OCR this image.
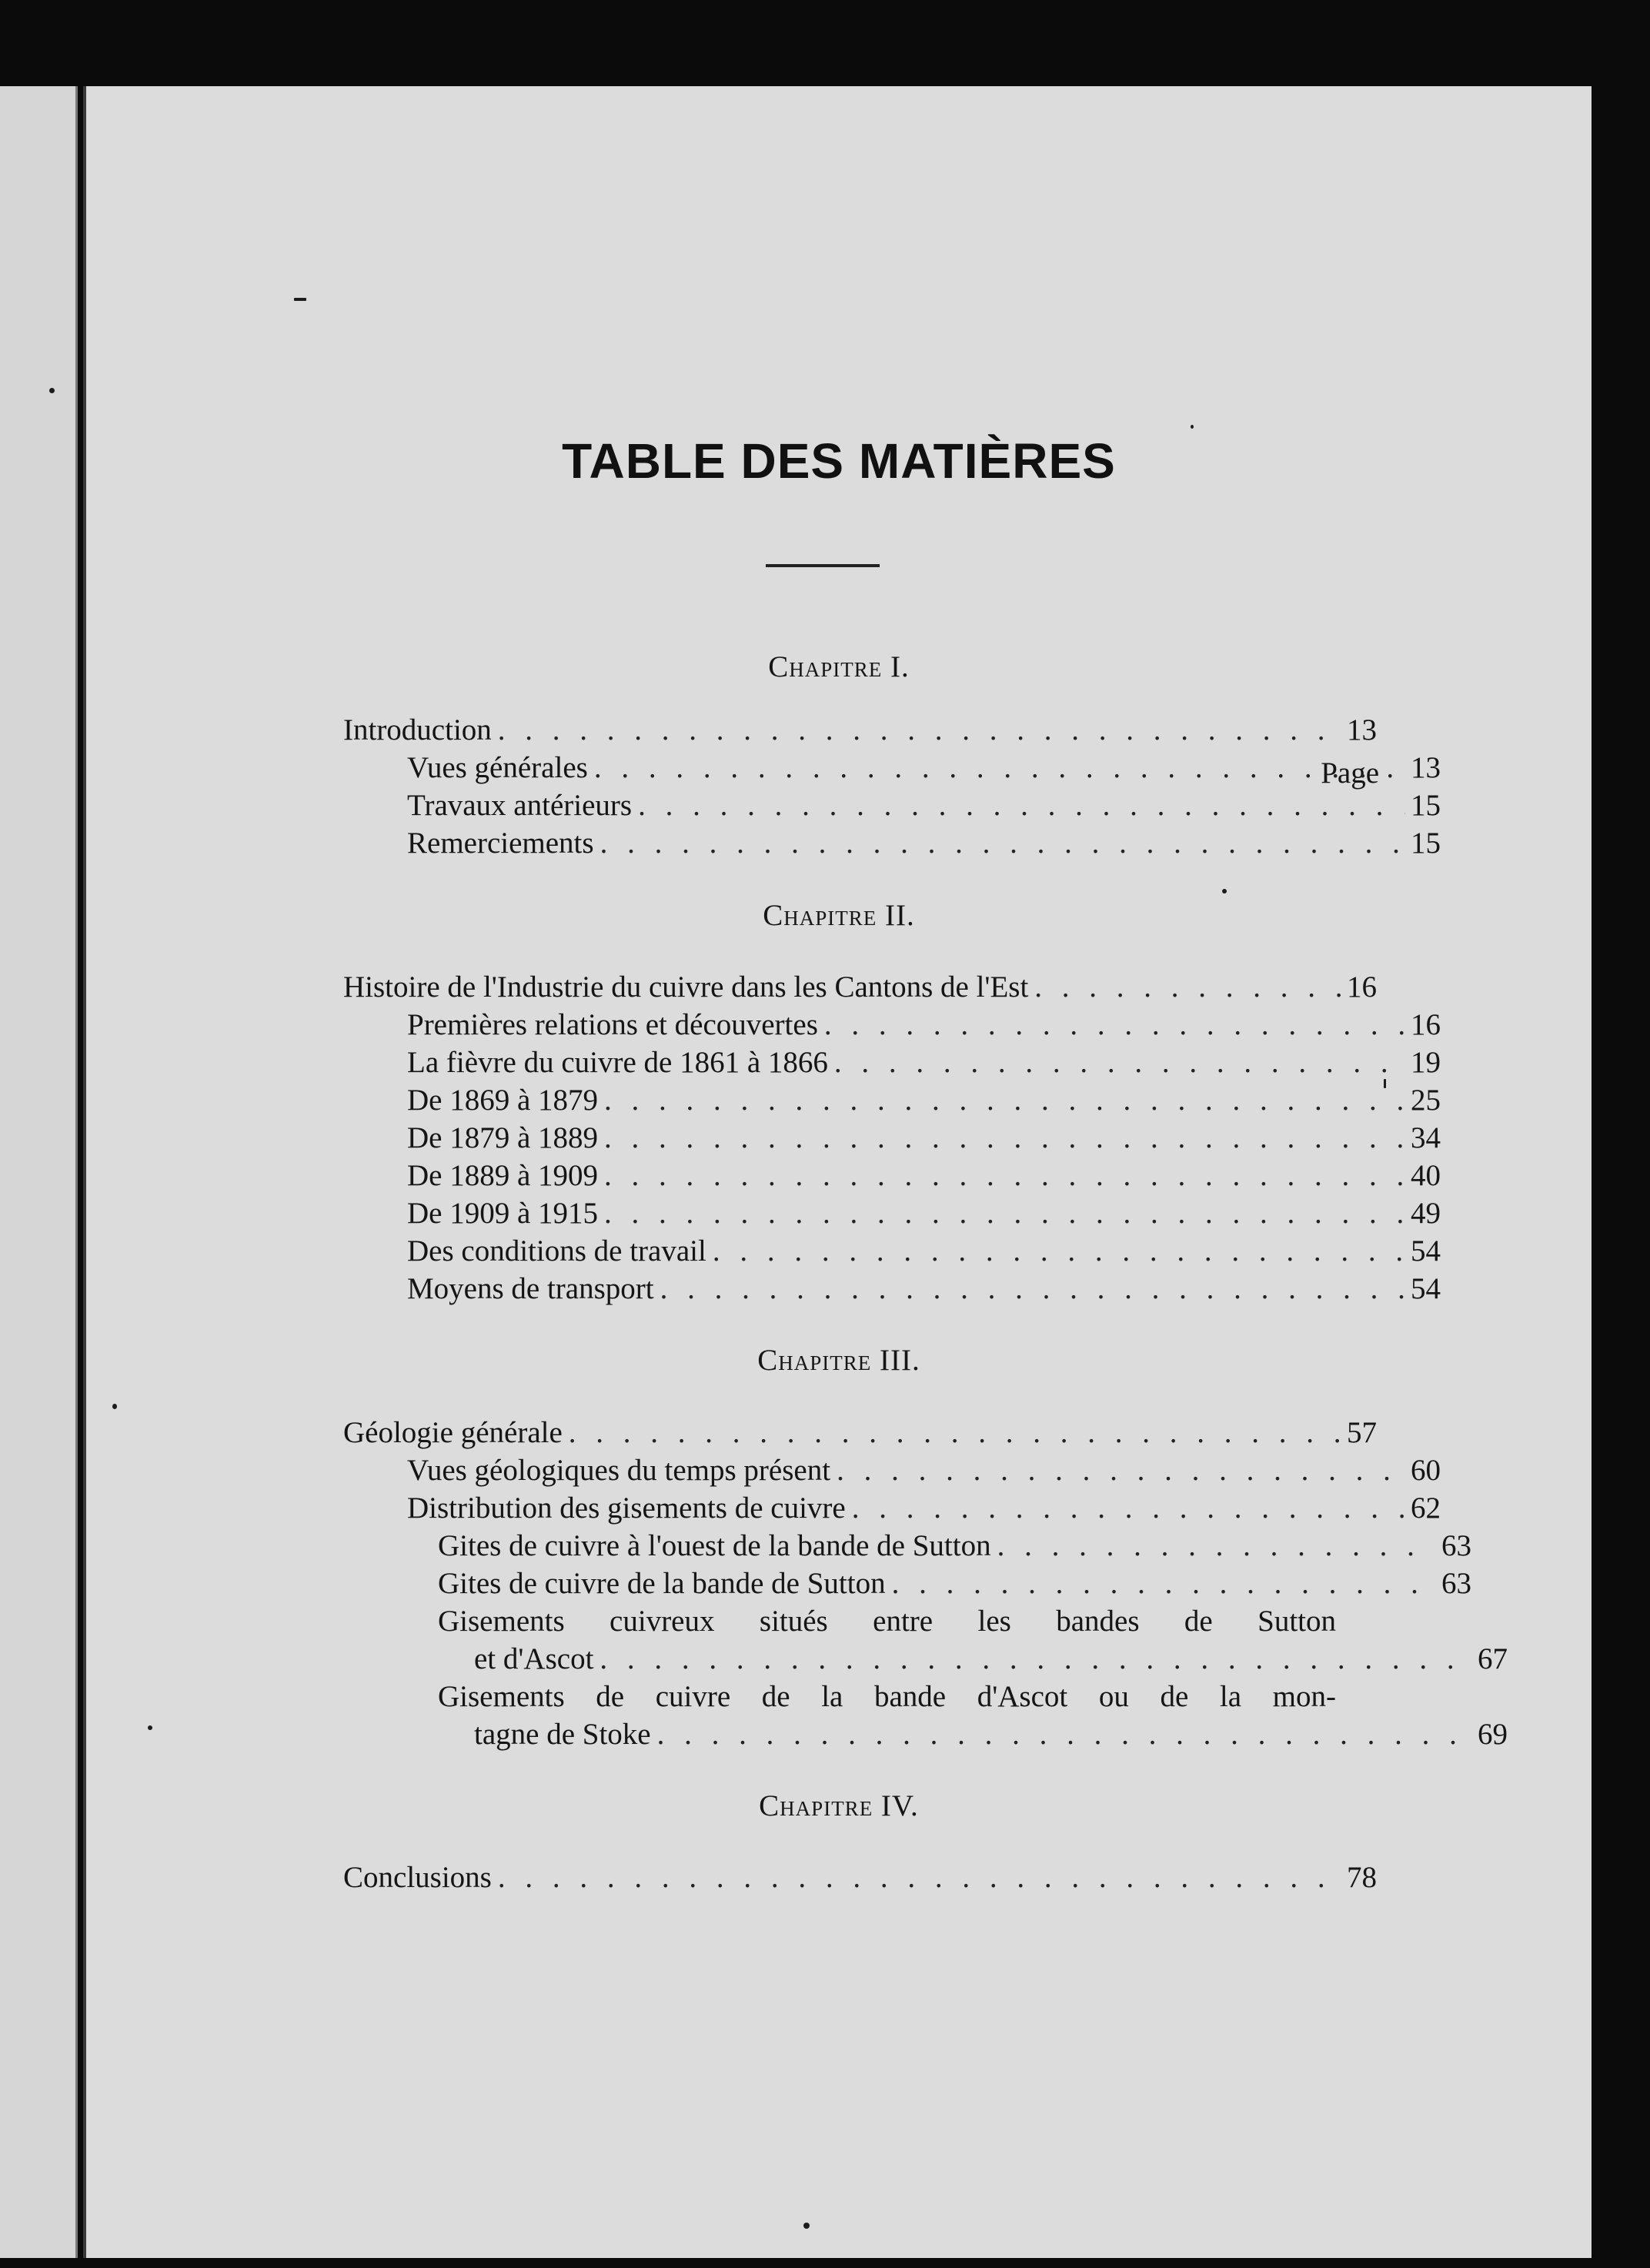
TABLE DES MATIÈRES
Chapitre I.
Page
Introduction . . .	13
Vues générales . . .	13
Travaux antérieurs . . .	15
Remerciements . . .	15
Chapitre II.
Histoire de l'Industrie du cuivre dans les Cantons de l'Est . . .	16
Premières relations et découvertes . . .	16
La fièvre du cuivre de 1861 à 1866 . . .	19
De 1869 à 1879 . . .	25
De 1879 à 1889 . . .	34
De 1889 à 1909 . . .	40
De 1909 à 1915 . . .	49
Des conditions de travail . . .	54
Moyens de transport . . .	54
Chapitre III.
Géologie générale . . .	57
Vues géologiques du temps présent . . .	60
Distribution des gisements de cuivre . . .	62
Gites de cuivre à l'ouest de la bande de Sutton . . .	63
Gites de cuivre de la bande de Sutton . . .	63
Gisements cuivreux situés entre les bandes de Sutton
et d'Ascot . . .	67
Gisements de cuivre de la bande d'Ascot ou de la mon-
tagne de Stoke . . .	69
Chapitre IV.
Conclusions . . .	78
